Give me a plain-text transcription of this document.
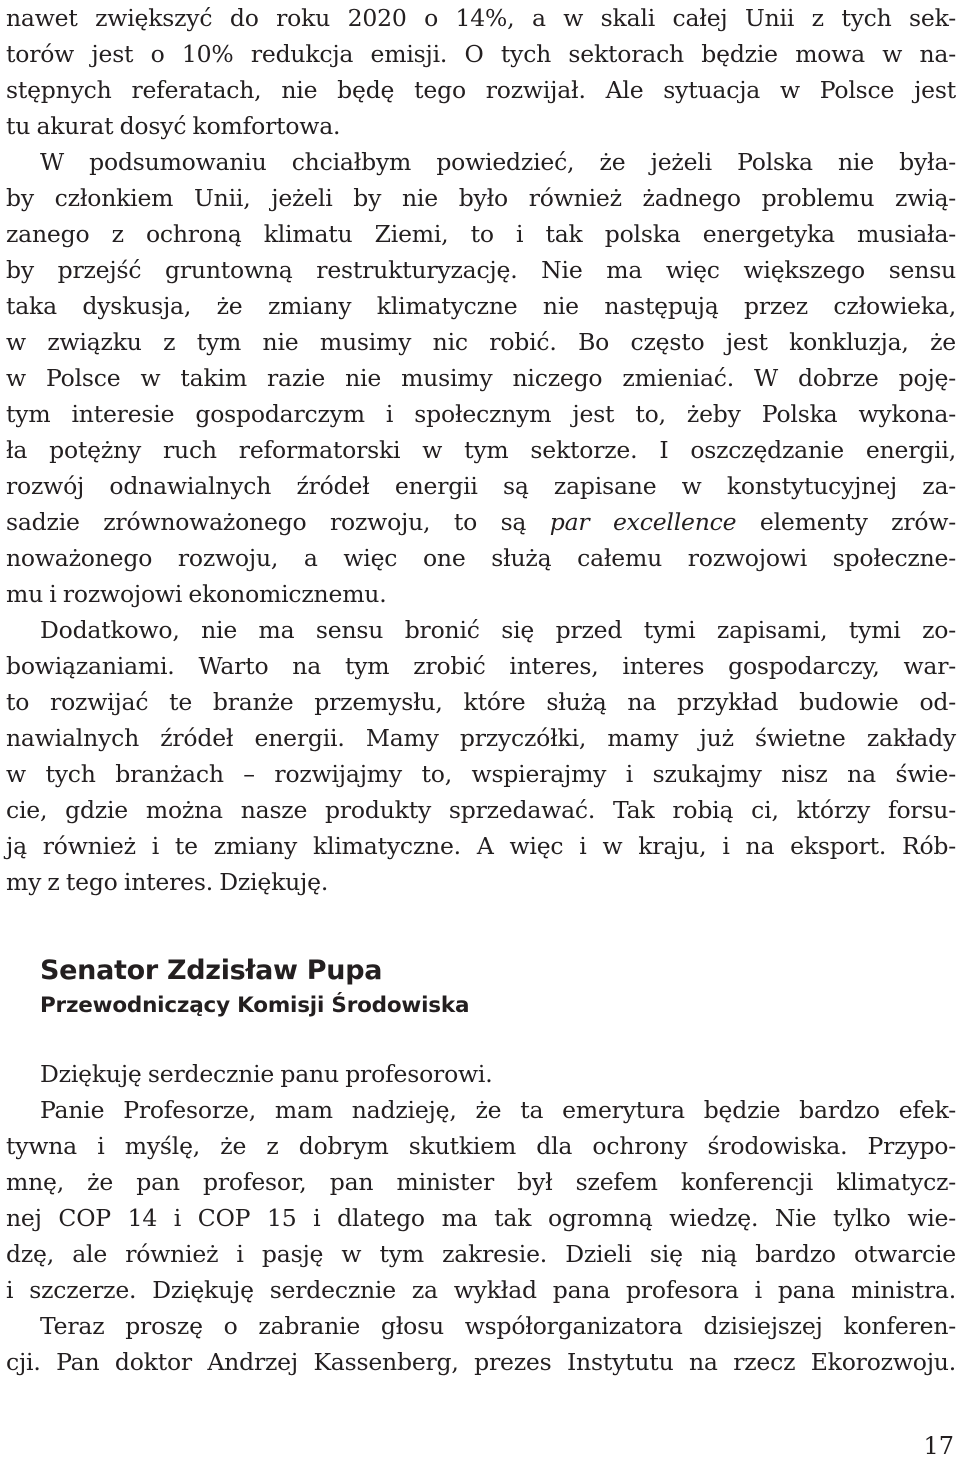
nawet zwiększyć do roku 2020 o 14%, a w skali całej Unii z tych sek-
torów jest o 10% redukcja emisji. O tych sektorach będzie mowa w na-
stępnych referatach, nie będę tego rozwijał. Ale sytuacja w Polsce jest
tu akurat dosyć komfortowa.
W podsumowaniu chciałbym powiedzieć, że jeżeli Polska nie była-
by członkiem Unii, jeżeli by nie było również żadnego problemu zwią-
zanego z ochroną klimatu Ziemi, to i tak polska energetyka musiała-
by przejść gruntowną restrukturyzację. Nie ma więc większego sensu
taka dyskusja, że zmiany klimatyczne nie następują przez człowieka,
w związku z tym nie musimy nic robić. Bo często jest konkluzja, że
w Polsce w takim razie nie musimy niczego zmieniać. W dobrze poję-
tym interesie gospodarczym i społecznym jest to, żeby Polska wykona-
ła potężny ruch reformatorski w tym sektorze. I oszczędzanie energii,
rozwój odnawialnych źródeł energii są zapisane w konstytucyjnej za-
sadzie zrównoważonego rozwoju, to są par excellence elementy zrów-
noważonego rozwoju, a więc one służą całemu rozwojowi społeczne-
mu i rozwojowi ekonomicznemu.
Dodatkowo, nie ma sensu bronić się przed tymi zapisami, tymi zo-
bowiązaniami. Warto na tym zrobić interes, interes gospodarczy, war-
to rozwijać te branże przemysłu, które służą na przykład budowie od-
nawialnych źródeł energii. Mamy przyczółki, mamy już świetne zakłady
w tych branżach – rozwijajmy to, wspierajmy i szukajmy nisz na świe-
cie, gdzie można nasze produkty sprzedawać. Tak robią ci, którzy forsu-
ją również i te zmiany klimatyczne. A więc i w kraju, i na eksport. Rób-
my z tego interes. Dziękuję.
Senator Zdzisław Pupa
Przewodniczący Komisji Środowiska
Dziękuję serdecznie panu profesorowi.
Panie Profesorze, mam nadzieję, że ta emerytura będzie bardzo efek-
tywna i myślę, że z dobrym skutkiem dla ochrony środowiska. Przypo-
mnę, że pan profesor, pan minister był szefem konferencji klimatycz-
nej COP 14 i COP 15 i dlatego ma tak ogromną wiedzę. Nie tylko wie-
dzę, ale również i pasję w tym zakresie. Dzieli się nią bardzo otwarcie
i szczerze. Dziękuję serdecznie za wykład pana profesora i pana ministra.
Teraz proszę o zabranie głosu współorganizatora dzisiejszej konferen-
cji. Pan doktor Andrzej Kassenberg, prezes Instytutu na rzecz Ekorozwoju.
17
